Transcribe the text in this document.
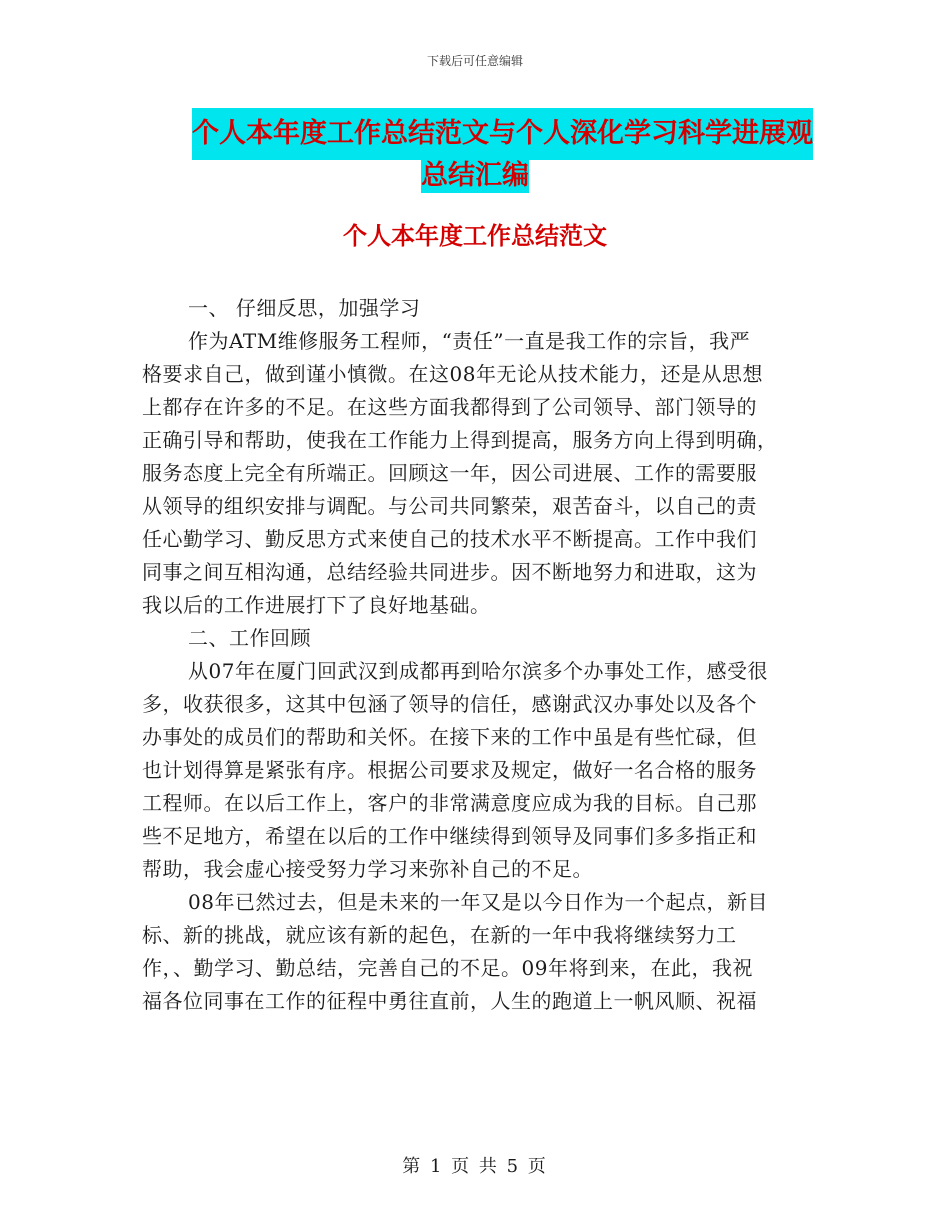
下载后可任意编辑
个人本年度工作总结范文与个人深化学习科学进展观
总结汇编
个人本年度工作总结范文
一、 仔细反思，加强学习
作为ATM维修服务工程师，“责任”一直是我工作的宗旨，我严
格要求自己，做到谨小慎微。在这08年无论从技术能力，还是从思想
上都存在许多的不足。在这些方面我都得到了公司领导、部门领导的
正确引导和帮助，使我在工作能力上得到提高，服务方向上得到明确，
服务态度上完全有所端正。回顾这一年，因公司进展、工作的需要服
从领导的组织安排与调配。与公司共同繁荣，艰苦奋斗，以自己的责
任心勤学习、勤反思方式来使自己的技术水平不断提高。工作中我们
同事之间互相沟通，总结经验共同进步。因不断地努力和进取，这为
我以后的工作进展打下了良好地基础。
二、工作回顾
从07年在厦门回武汉到成都再到哈尔滨多个办事处工作，感受很
多，收获很多，这其中包涵了领导的信任，感谢武汉办事处以及各个
办事处的成员们的帮助和关怀。在接下来的工作中虽是有些忙碌，但
也计划得算是紧张有序。根据公司要求及规定，做好一名合格的服务
工程师。在以后工作上，客户的非常满意度应成为我的目标。自己那
些不足地方，希望在以后的工作中继续得到领导及同事们多多指正和
帮助，我会虚心接受努力学习来弥补自己的不足。
08年已然过去，但是未来的一年又是以今日作为一个起点，新目
标、新的挑战，就应该有新的起色，在新的一年中我将继续努力工
作，、勤学习、勤总结，完善自己的不足。09年将到来，在此，我祝
福各位同事在工作的征程中勇往直前，人生的跑道上一帆风顺、祝福
第 1 页 共 5 页
